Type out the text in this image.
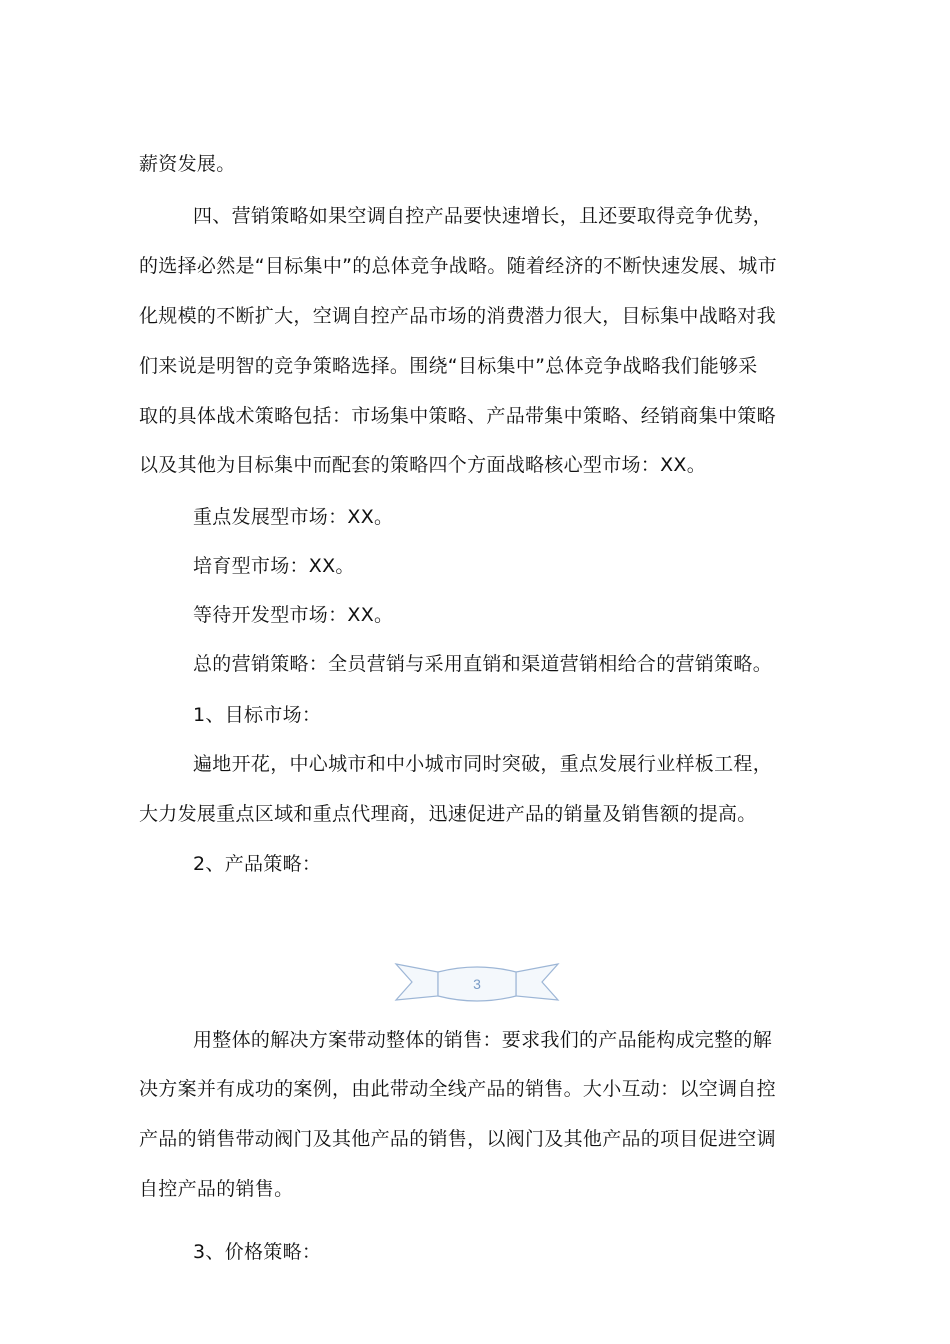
薪资发展。
四、营销策略如果空调自控产品要快速增长，且还要取得竞争优势，
的选择必然是“目标集中”的总体竞争战略。随着经济的不断快速发展、城市
化规模的不断扩大，空调自控产品市场的消费潜力很大，目标集中战略对我
们来说是明智的竞争策略选择。围绕“目标集中”总体竞争战略我们能够采
取的具体战术策略包括：市场集中策略、产品带集中策略、经销商集中策略
以及其他为目标集中而配套的策略四个方面战略核心型市场：XX。
重点发展型市场：XX。
培育型市场：XX。
等待开发型市场：XX。
总的营销策略：全员营销与采用直销和渠道营销相给合的营销策略。
1、目标市场：
遍地开花，中心城市和中小城市同时突破，重点发展行业样板工程，
大力发展重点区域和重点代理商，迅速促进产品的销量及销售额的提高。
2、产品策略：
3
用整体的解决方案带动整体的销售：要求我们的产品能构成完整的解
决方案并有成功的案例，由此带动全线产品的销售。大小互动：以空调自控
产品的销售带动阀门及其他产品的销售，以阀门及其他产品的项目促进空调
自控产品的销售。
3、价格策略：
